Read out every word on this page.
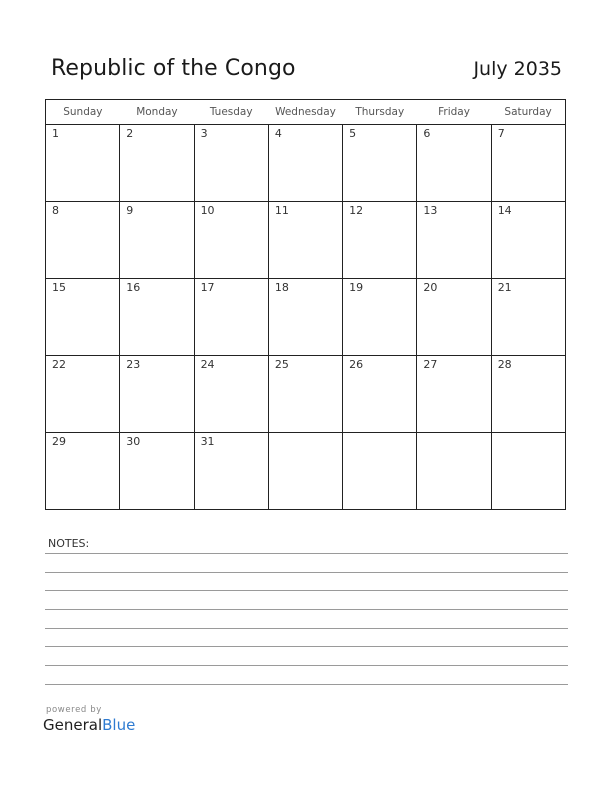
Republic of the Congo	July 2035
Sunday	Monday	Tuesday	Wednesday	Thursday	Friday	Saturday

1	2	3	4	5	6	7

8	9	10	11	12	13	14

15	16	17	18	19	20	21

22	23	24	25	26	27	28

29	30	31				

NOTES:
powered by
GeneralBlue
